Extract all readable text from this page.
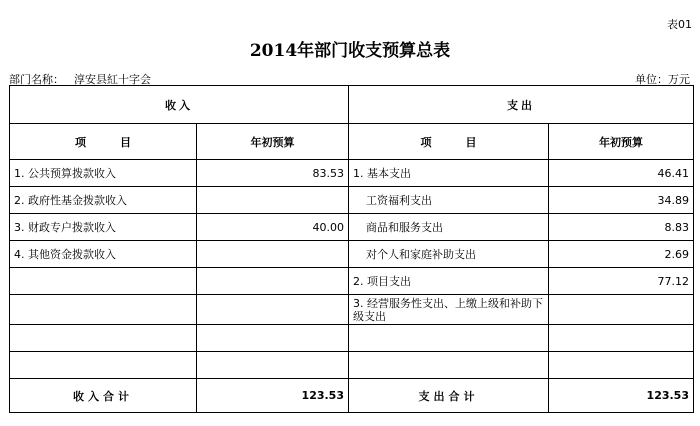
表01
2014年部门收支预算总表
部门名称： 淳安县紅十字会	单位：万元
收入		支出	
项 目	年初预算	项 目	年初预算
1. 公共预算拨款收入	83.53	1. 基本支出	46.41
2. 政府性基金拨款收入		工资福利支出	34.89
3. 财政专户拨款收入	40.00	商品和服务支出	8.83
4. 其他资金拨款收入		对个人和家庭补助支出	2.69
		2. 项目支出	77.12
		3. 经营服务性支出、上缴上级和补助下级支出	

收入合计	123.53	支出合计	123.53
